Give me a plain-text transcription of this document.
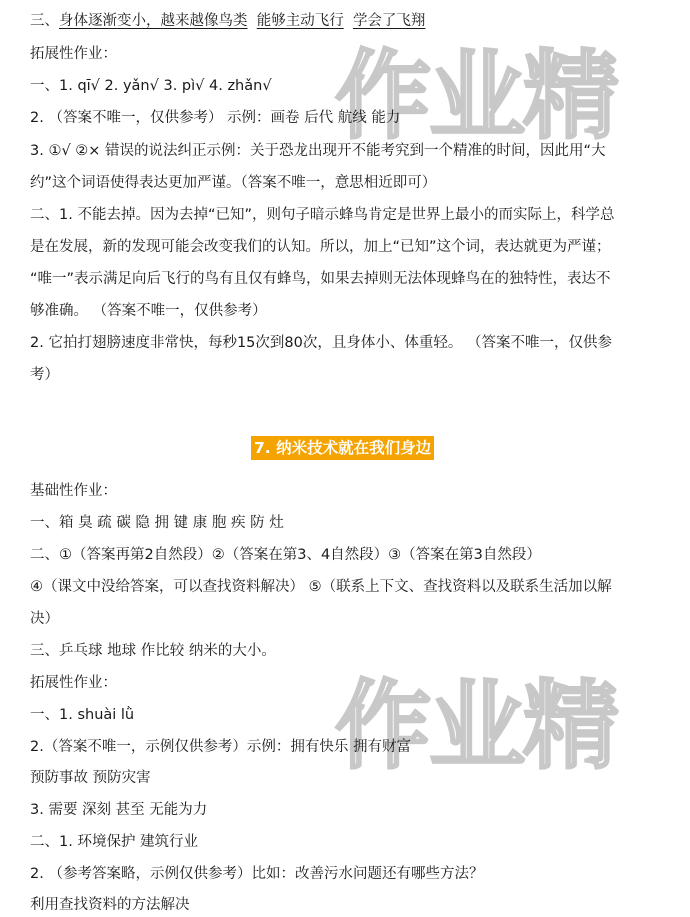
作业精
作业精
三、身体逐渐变小，越来越像鸟类 能够主动飞行 学会了飞翔
拓展性作业：
一、1. qī√ 2. yǎn√ 3. pì√ 4. zhǎn√
2. （答案不唯一，仅供参考） 示例：画卷 后代 航线 能力
3. ①√ ②× 错误的说法纠正示例：关于恐龙出现开不能考究到一个精准的时间，因此用“大
约”这个词语使得表达更加严谨。（答案不唯一，意思相近即可）
二、1. 不能去掉。因为去掉“已知”，则句子暗示蜂鸟肯定是世界上最小的而实际上，科学总
是在发展，新的发现可能会改变我们的认知。所以，加上“已知”这个词，表达就更为严谨；
“唯一”表示满足向后飞行的鸟有且仅有蜂鸟，如果去掉则无法体现蜂鸟在的独特性，表达不
够准确。 （答案不唯一，仅供参考）
2. 它拍打翅膀速度非常快，每秒15次到80次，且身体小、体重轻。 （答案不唯一，仅供参
考）
7. 纳米技术就在我们身边
基础性作业：
一、箱 臭 疏 碳 隐 拥 键 康 胞 疾 防 灶
二、①（答案再第2自然段）②（答案在第3、4自然段）③（答案在第3自然段）
④（课文中没给答案，可以查找资料解决） ⑤（联系上下文、查找资料以及联系生活加以解
决）
三、乒乓球 地球 作比较 纳米的大小。
拓展性作业：
一、1. shuài lǜ
2.（答案不唯一，示例仅供参考）示例：拥有快乐 拥有财富
预防事故 预防灾害
3. 需要 深刻 甚至 无能为力
二、1. 环境保护 建筑行业
2. （参考答案略，示例仅供参考）比如：改善污水问题还有哪些方法？
利用查找资料的方法解决
